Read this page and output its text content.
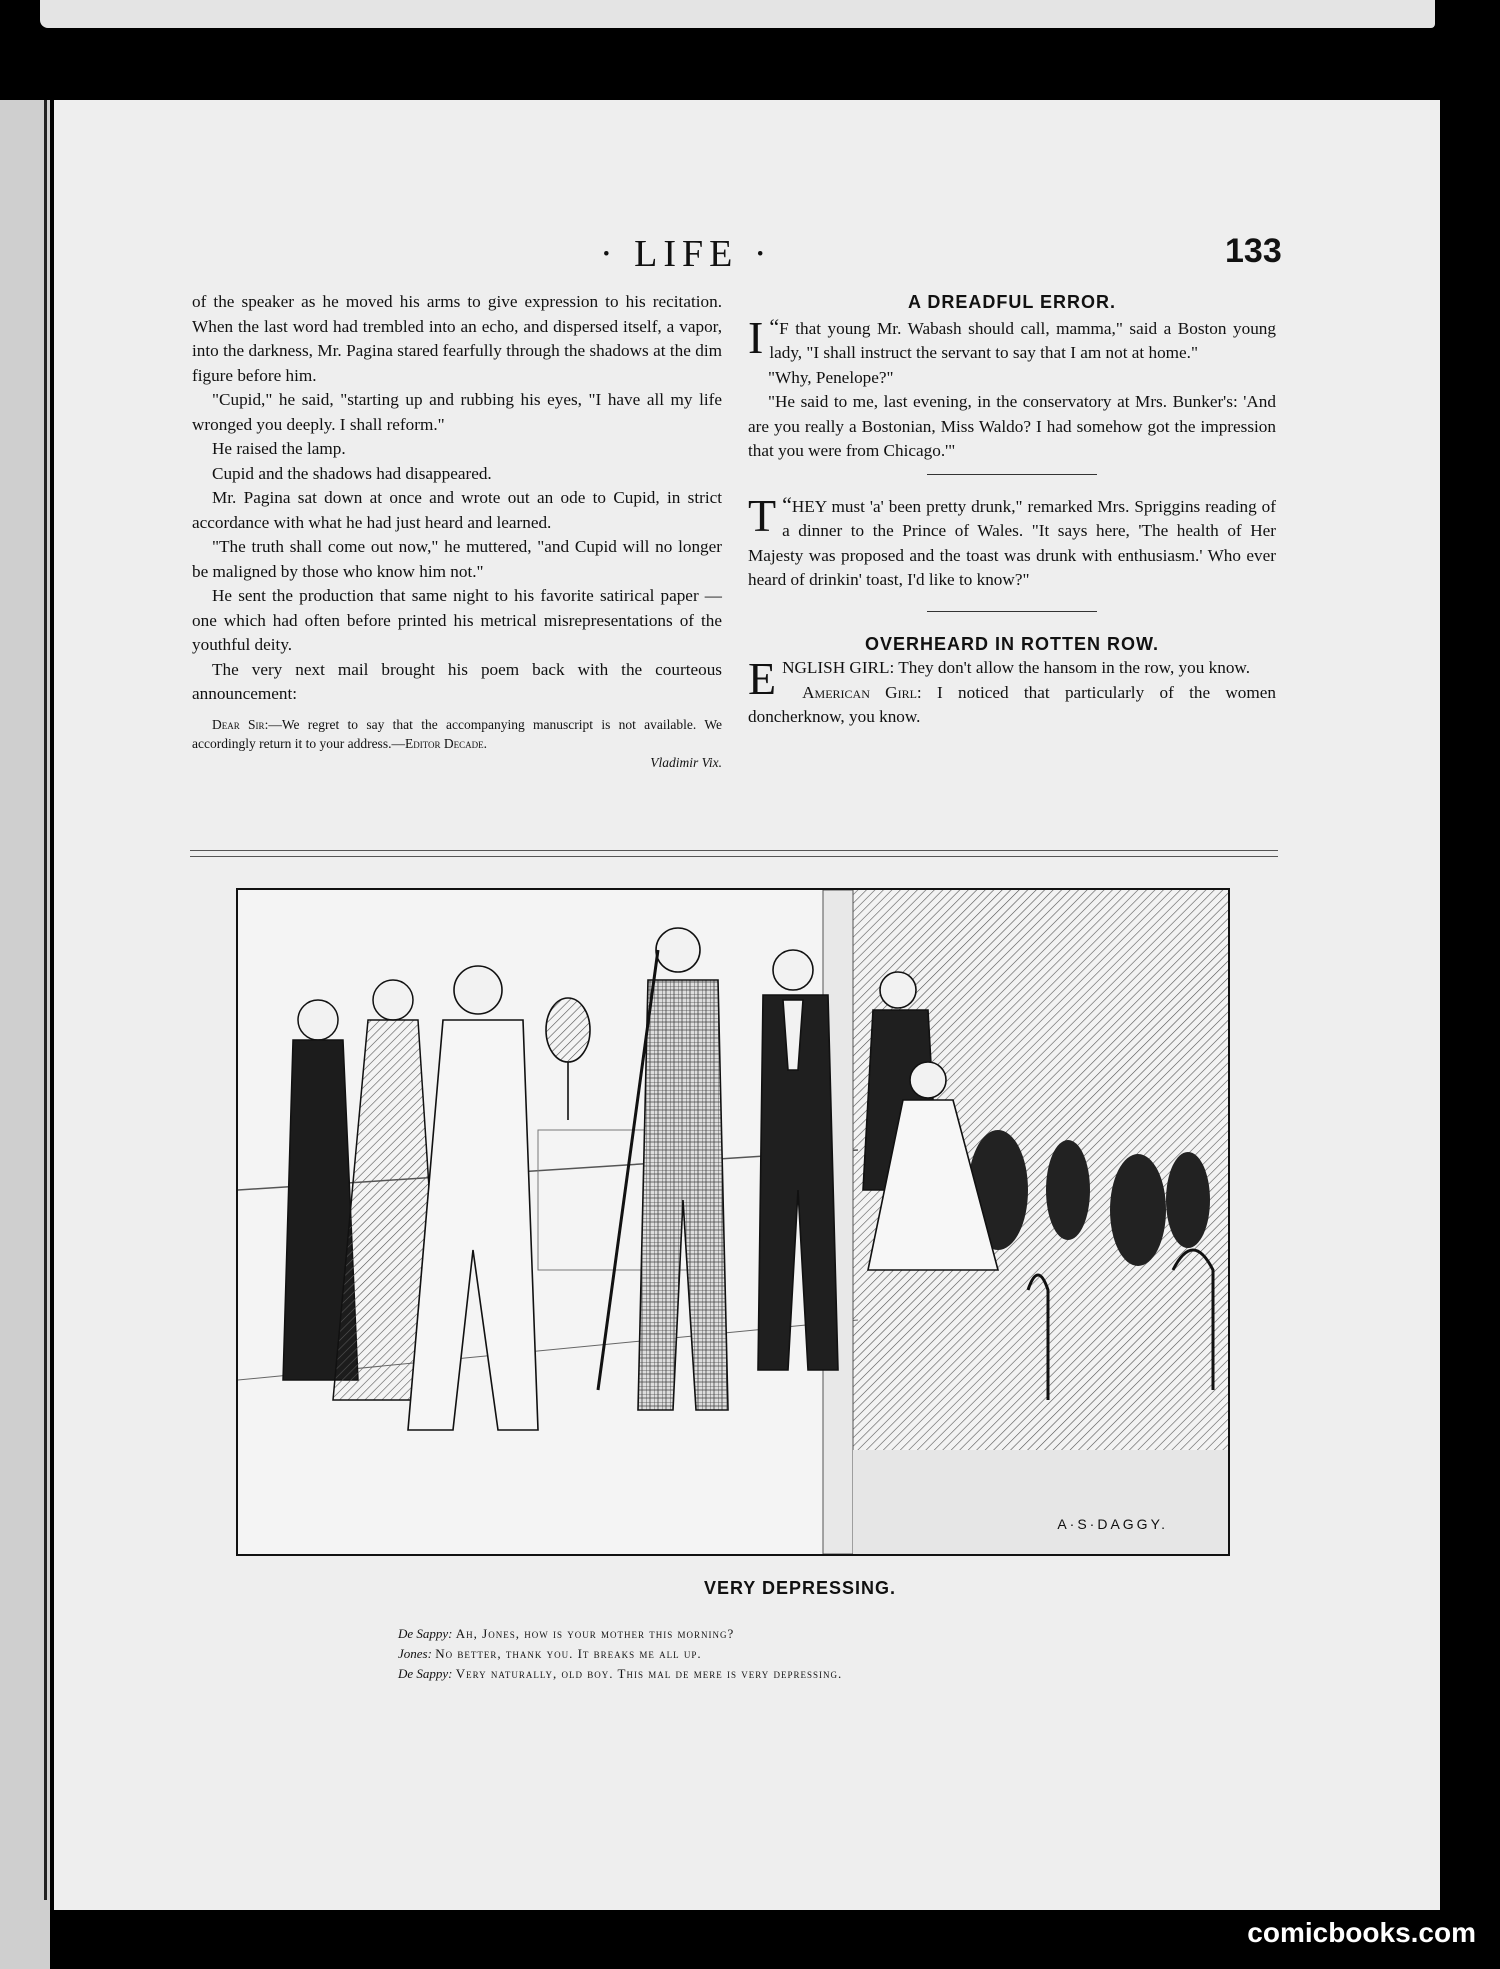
· LIFE ·	133

of the speaker as he moved his arms to give expression to his recitation. When the last word had trembled into an echo, and dispersed itself, a vapor, into the darkness, Mr. Pagina stared fearfully through the shadows at the dim figure before him.

"Cupid," he said, "starting up and rubbing his eyes, "I have all my life wronged you deeply. I shall reform."

He raised the lamp.

Cupid and the shadows had disappeared.

Mr. Pagina sat down at once and wrote out an ode to Cupid, in strict accordance with what he had just heard and learned.

"The truth shall come out now," he muttered, "and Cupid will no longer be maligned by those who know him not."

He sent the production that same night to his favorite satirical paper — one which had often before printed his metrical misrepresentations of the youthful deity.

The very next mail brought his poem back with the courteous announcement:

Dear Sir:—We regret to say that the accompanying manuscript is not available. We accordingly return it to your address.—Editor Decade.

Vladimir Vix.

A DREADFUL ERROR.

“
I F that young Mr. Wabash should call, mamma," said a Boston young lady, "I shall instruct the servant to say that I am not at home."

"Why, Penelope?"

"He said to me, last evening, in the conservatory at Mrs. Bunker's: 'And are you really a Bostonian, Miss Waldo? I had somehow got the impression that you were from Chicago.'"

“
T HEY must 'a' been pretty drunk," remarked Mrs. Spriggins reading of a dinner to the Prince of Wales. "It says here, 'The health of Her Majesty was proposed and the toast was drunk with enthusiasm.' Who ever heard of drinkin' toast, I'd like to know?"

OVERHEARD IN ROTTEN ROW.

ENGLISH GIRL: They don't allow the hansom in the row, you know.

American Girl: I noticed that particularly of the women doncherknow, you know.

A·S·DAGGY.
VERY DEPRESSING.
De Sappy: Ah, Jones, how is your mother this morning?
Jones: No better, thank you. It breaks me all up.
De Sappy: Very naturally, old boy. This mal de mere is very depressing.
comicbooks.com
